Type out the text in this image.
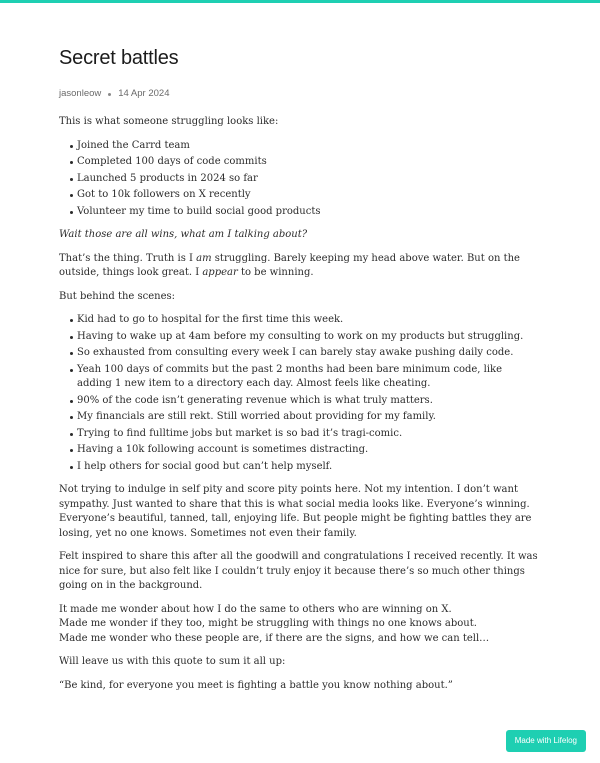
Secret battles
jasonleow 14 Apr 2024

This is what someone struggling looks like:

Joined the Carrd team
Completed 100 days of code commits
Launched 5 products in 2024 so far
Got to 10k followers on X recently
Volunteer my time to build social good products

Wait those are all wins, what am I talking about?

That’s the thing. Truth is I am struggling. Barely keeping my head above water. But on the outside, things look great. I appear to be winning.

But behind the scenes:

Kid had to go to hospital for the first time this week.
Having to wake up at 4am before my consulting to work on my products but struggling.
So exhausted from consulting every week I can barely stay awake pushing daily code.
Yeah 100 days of commits but the past 2 months had been bare minimum code, like adding 1 new item to a directory each day. Almost feels like cheating.
90% of the code isn’t generating revenue which is what truly matters.
My financials are still rekt. Still worried about providing for my family.
Trying to find fulltime jobs but market is so bad it’s tragi-comic.
Having a 10k following account is sometimes distracting.
I help others for social good but can’t help myself.

Not trying to indulge in self pity and score pity points here. Not my intention. I don’t want sympathy. Just wanted to share that this is what social media looks like. Everyone’s winning. Everyone’s beautiful, tanned, tall, enjoying life. But people might be fighting battles they are losing, yet no one knows. Sometimes not even their family.

Felt inspired to share this after all the goodwill and congratulations I received recently. It was nice for sure, but also felt like I couldn’t truly enjoy it because there’s so much other things going on in the background.

It made me wonder about how I do the same to others who are winning on X.
Made me wonder if they too, might be struggling with things no one knows about.
Made me wonder who these people are, if there are the signs, and how we can tell…

Will leave us with this quote to sum it all up:

“Be kind, for everyone you meet is fighting a battle you know nothing about.”

Made with Lifelog
